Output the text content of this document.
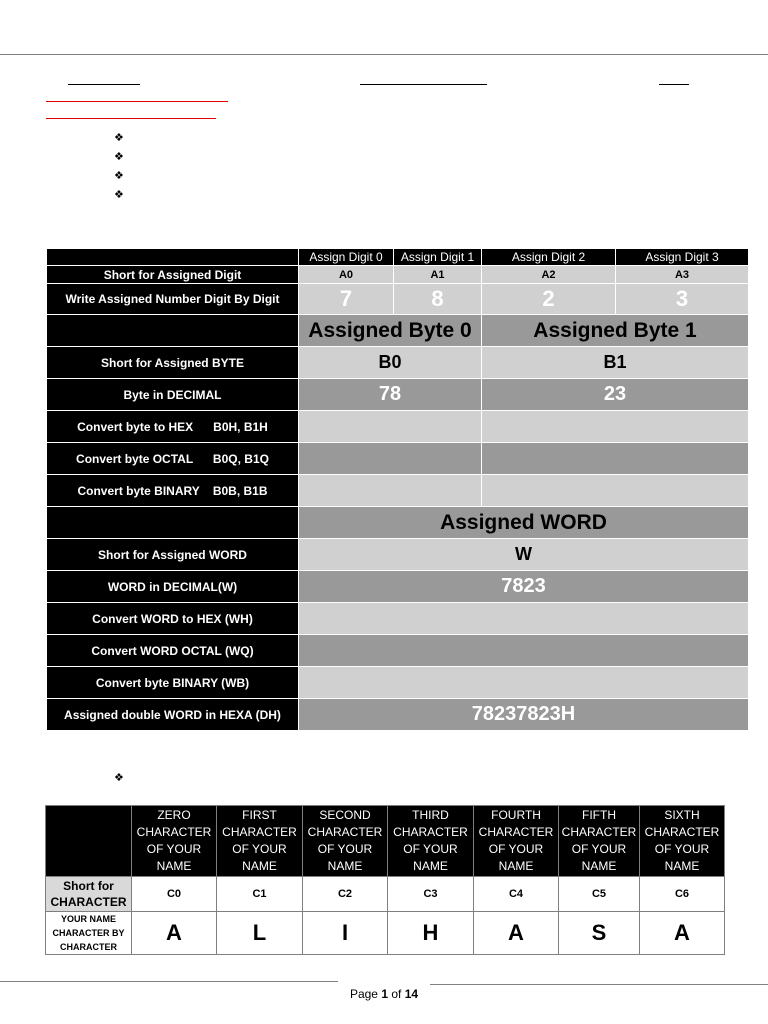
❖
❖
❖
❖
❖
	Assign Digit 0	Assign Digit 1	Assign Digit 2	Assign Digit 3
Short for Assigned Digit	A0	A1	A2	A3
Write Assigned Number Digit By Digit	7	8	2	3
	Assigned Byte 0		Assigned Byte 1	
Short for Assigned BYTE	B0		B1	
Byte in DECIMAL	78		23	
Convert byte to HEX      B0H, B1H				
Convert byte OCTAL      B0Q, B1Q				
Convert byte BINARY    B0B, B1B				
	Assigned WORD			
Short for Assigned WORD	W			
WORD in DECIMAL(W)	7823			
Convert WORD to HEX (WH)				
Convert WORD OCTAL (WQ)				
Convert byte BINARY (WB)				
Assigned double WORD in HEXA (DH)	78237823H			
	ZERO CHARACTER OF YOUR NAME	FIRST CHARACTER OF YOUR NAME	SECOND CHARACTER OF YOUR NAME	THIRD CHARACTER OF YOUR NAME	FOURTH CHARACTER OF YOUR NAME	FIFTH CHARACTER OF YOUR NAME	SIXTH CHARACTER OF YOUR NAME
Short for CHARACTER	C0	C1	C2	C3	C4	C5	C6
YOUR NAME CHARACTER BY CHARACTER	A	L	I	H	A	S	A
Page 1 of 14
